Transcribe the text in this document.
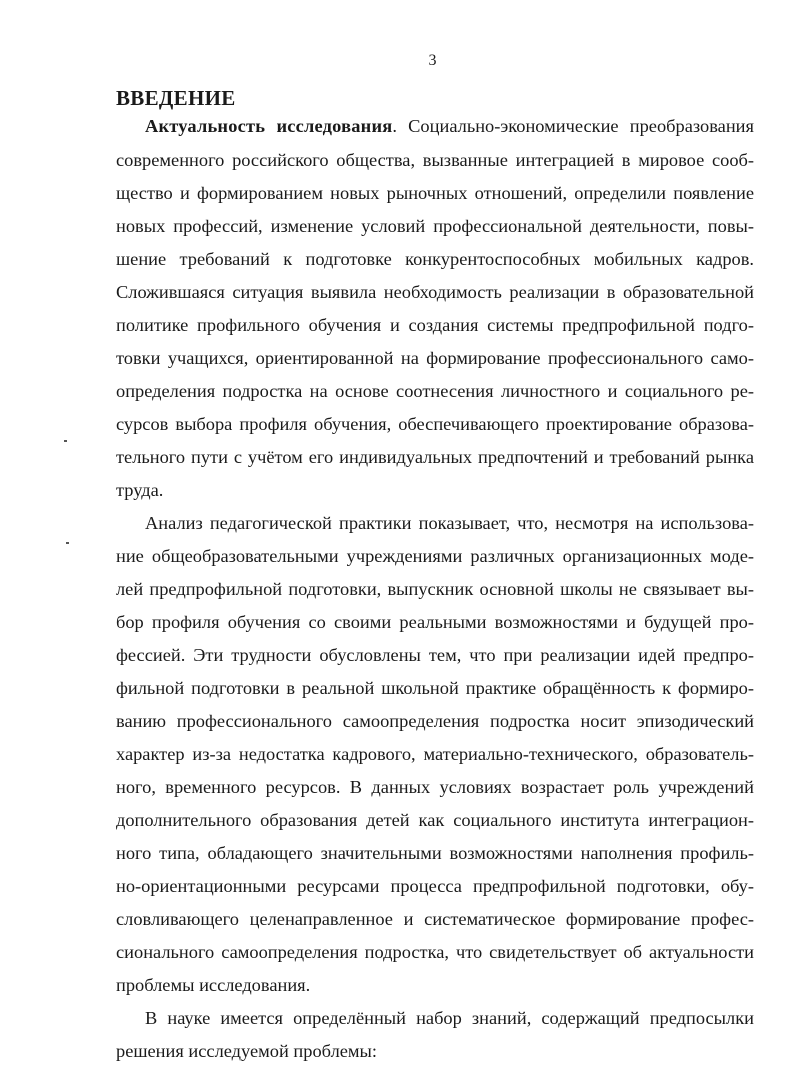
3
ВВЕДЕНИЕ
Актуальность исследования. Социально-экономические преобразования
современного российского общества, вызванные интеграцией в мировое сооб-
щество и формированием новых рыночных отношений, определили появление
новых профессий, изменение условий профессиональной деятельности, повы-
шение требований к подготовке конкурентоспособных мобильных кадров.
Сложившаяся ситуация выявила необходимость реализации в образовательной
политике профильного обучения и создания системы предпрофильной подго-
товки учащихся, ориентированной на формирование профессионального само-
определения подростка на основе соотнесения личностного и социального ре-
сурсов выбора профиля обучения, обеспечивающего проектирование образова-
тельного пути с учётом его индивидуальных предпочтений и требований рынка
труда.
Анализ педагогической практики показывает, что, несмотря на использова-
ние общеобразовательными учреждениями различных организационных моде-
лей предпрофильной подготовки, выпускник основной школы не связывает вы-
бор профиля обучения со своими реальными возможностями и будущей про-
фессией. Эти трудности обусловлены тем, что при реализации идей предпро-
фильной подготовки в реальной школьной практике обращённость к формиро-
ванию профессионального самоопределения подростка носит эпизодический
характер из-за недостатка кадрового, материально-технического, образователь-
ного, временного ресурсов. В данных условиях возрастает роль учреждений
дополнительного образования детей как социального института интеграцион-
ного типа, обладающего значительными возможностями наполнения профиль-
но-ориентационными ресурсами процесса предпрофильной подготовки, обу-
словливающего целенаправленное и систематическое формирование профес-
сионального самоопределения подростка, что свидетельствует об актуальности
проблемы исследования.
В науке имеется определённый набор знаний, содержащий предпосылки
решения исследуемой проблемы:
